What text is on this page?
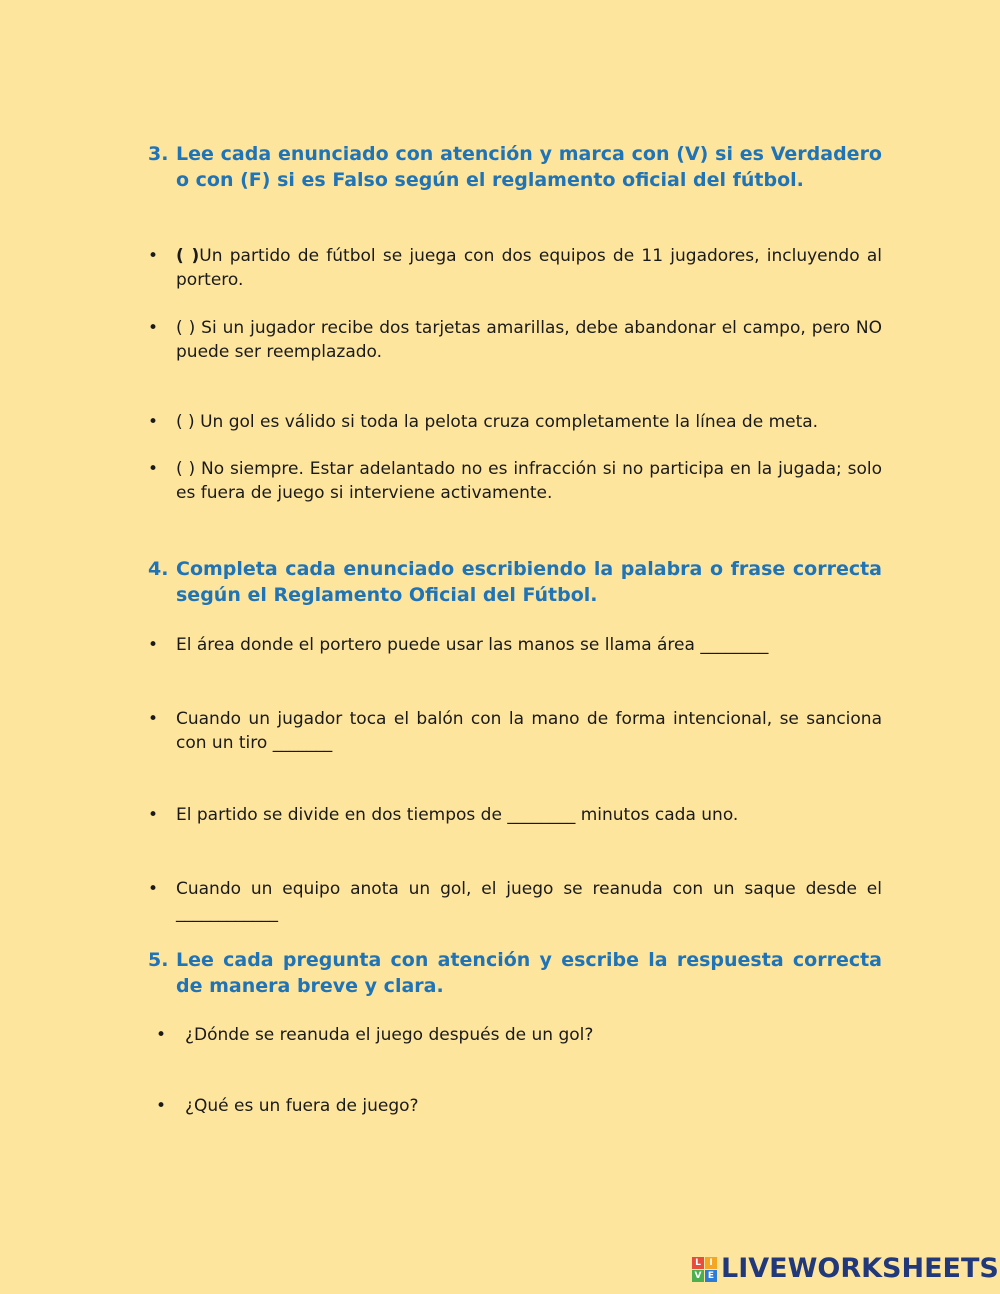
3. Lee cada enunciado con atención y marca con (V) si es Verdadero o con (F) si es Falso según el reglamento oficial del fútbol.
• ( )Un partido de fútbol se juega con dos equipos de 11 jugadores, incluyendo al portero.
• ( ) Si un jugador recibe dos tarjetas amarillas, debe abandonar el campo, pero NO puede ser reemplazado.
• ( ) Un gol es válido si toda la pelota cruza completamente la línea de meta.
• ( ) No siempre. Estar adelantado no es infracción si no participa en la jugada; solo es fuera de juego si interviene activamente.
4. Completa cada enunciado escribiendo la palabra o frase correcta según el Reglamento Oficial del Fútbol.
• El área donde el portero puede usar las manos se llama área ________
• Cuando un jugador toca el balón con la mano de forma intencional, se sanciona con un tiro _______
• El partido se divide en dos tiempos de ________ minutos cada uno.
• Cuando un equipo anota un gol, el juego se reanuda con un saque desde el ____________
5. Lee cada pregunta con atención y escribe la respuesta correcta de manera breve y clara.
• ¿Dónde se reanuda el juego después de un gol?
• ¿Qué es un fuera de juego?
L I
V E LIVEWORKSHEETS
